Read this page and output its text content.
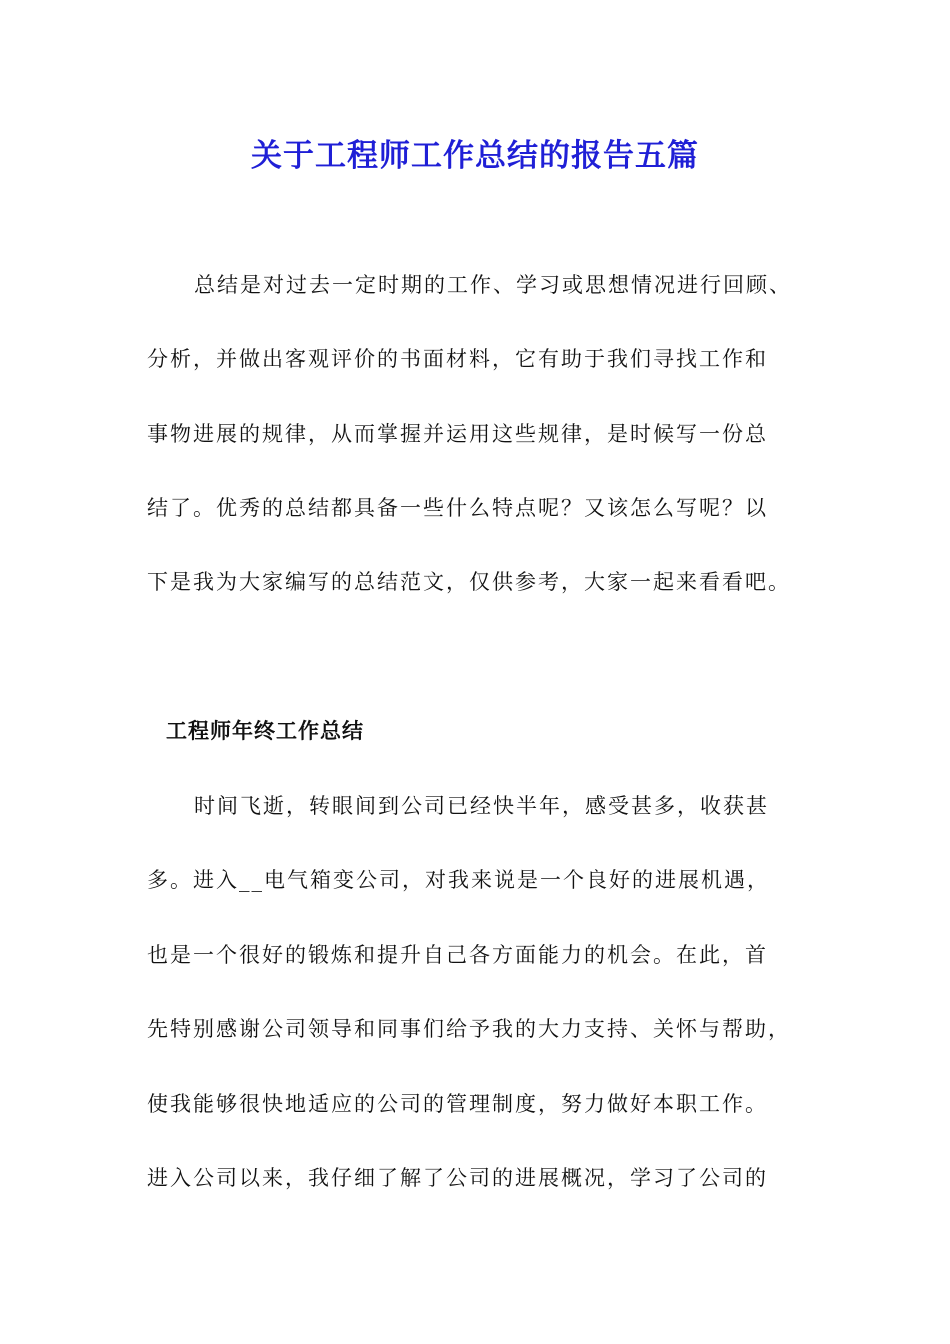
关于工程师工作总结的报告五篇

总结是对过去一定时期的工作、学习或思想情况进行回顾、

分析，并做出客观评价的书面材料，它有助于我们寻找工作和

事物进展的规律，从而掌握并运用这些规律，是时候写一份总

结了。优秀的总结都具备一些什么特点呢？又该怎么写呢？以

下是我为大家编写的总结范文，仅供参考，大家一起来看看吧。

工程师年终工作总结

时间飞逝，转眼间到公司已经快半年，感受甚多，收获甚

多。进入__电气箱变公司，对我来说是一个良好的进展机遇，

也是一个很好的锻炼和提升自己各方面能力的机会。在此，首

先特别感谢公司领导和同事们给予我的大力支持、关怀与帮助，

使我能够很快地适应的公司的管理制度，努力做好本职工作。

进入公司以来，我仔细了解了公司的进展概况，学习了公司的
